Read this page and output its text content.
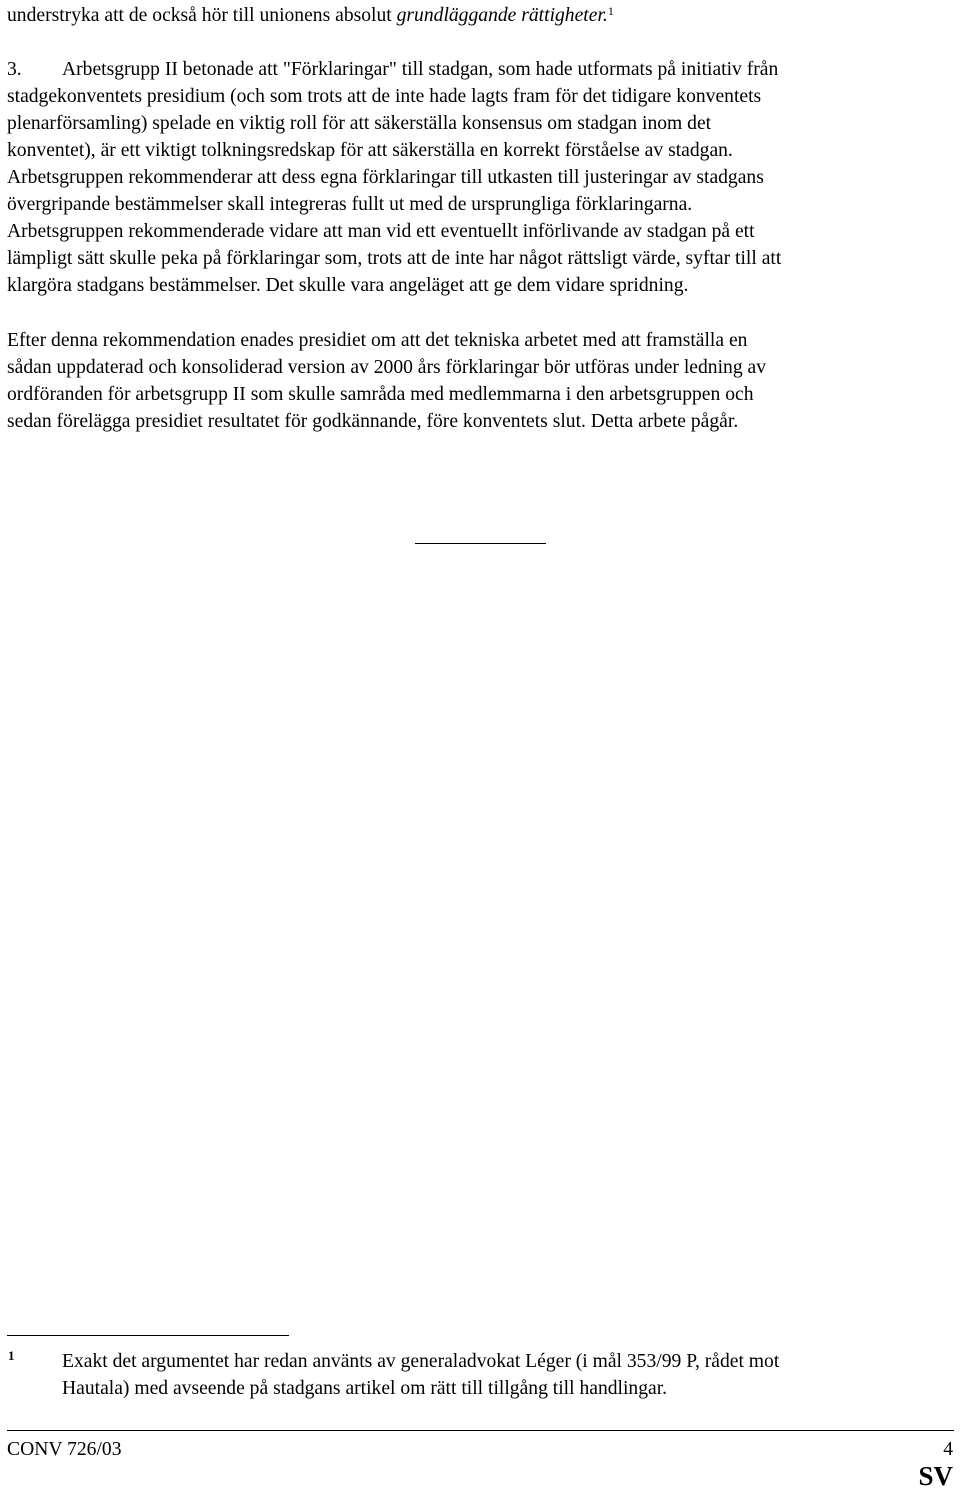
understryka att de också hör till unionens absolut grundläggande rättigheter.$^1$

3. Arbetsgrupp II betonade att "Förklaringar" till stadgan, som hade utformats på initiativ från

stadgekonventets presidium (och som trots att de inte hade lagts fram för det tidigare konventets

plenarförsamling) spelade en viktig roll för att säkerställa konsensus om stadgan inom det

konventet), är ett viktigt tolkningsredskap för att säkerställa en korrekt förståelse av stadgan.

Arbetsgruppen rekommenderar att dess egna förklaringar till utkasten till justeringar av stadgans

övergripande bestämmelser skall integreras fullt ut med de ursprungliga förklaringarna.

Arbetsgruppen rekommenderade vidare att man vid ett eventuellt införlivande av stadgan på ett

lämpligt sätt skulle peka på förklaringar som, trots att de inte har något rättsligt värde, syftar till att

klargöra stadgans bestämmelser. Det skulle vara angeläget att ge dem vidare spridning.

Efter denna rekommendation enades presidiet om att det tekniska arbetet med att framställa en

sådan uppdaterad och konsoliderad version av 2000 års förklaringar bör utföras under ledning av

ordföranden för arbetsgrupp II som skulle samråda med medlemmarna i den arbetsgruppen och

sedan förelägga presidiet resultatet för godkännande, före konventets slut. Detta arbete pågår.

1 Exakt det argumentet har redan använts av generaladvokat Léger (i mål 353/99 P, rådet mot
Hautala) med avseende på stadgans artikel om rätt till tillgång till handlingar.
CONV 726/03	4
SV
